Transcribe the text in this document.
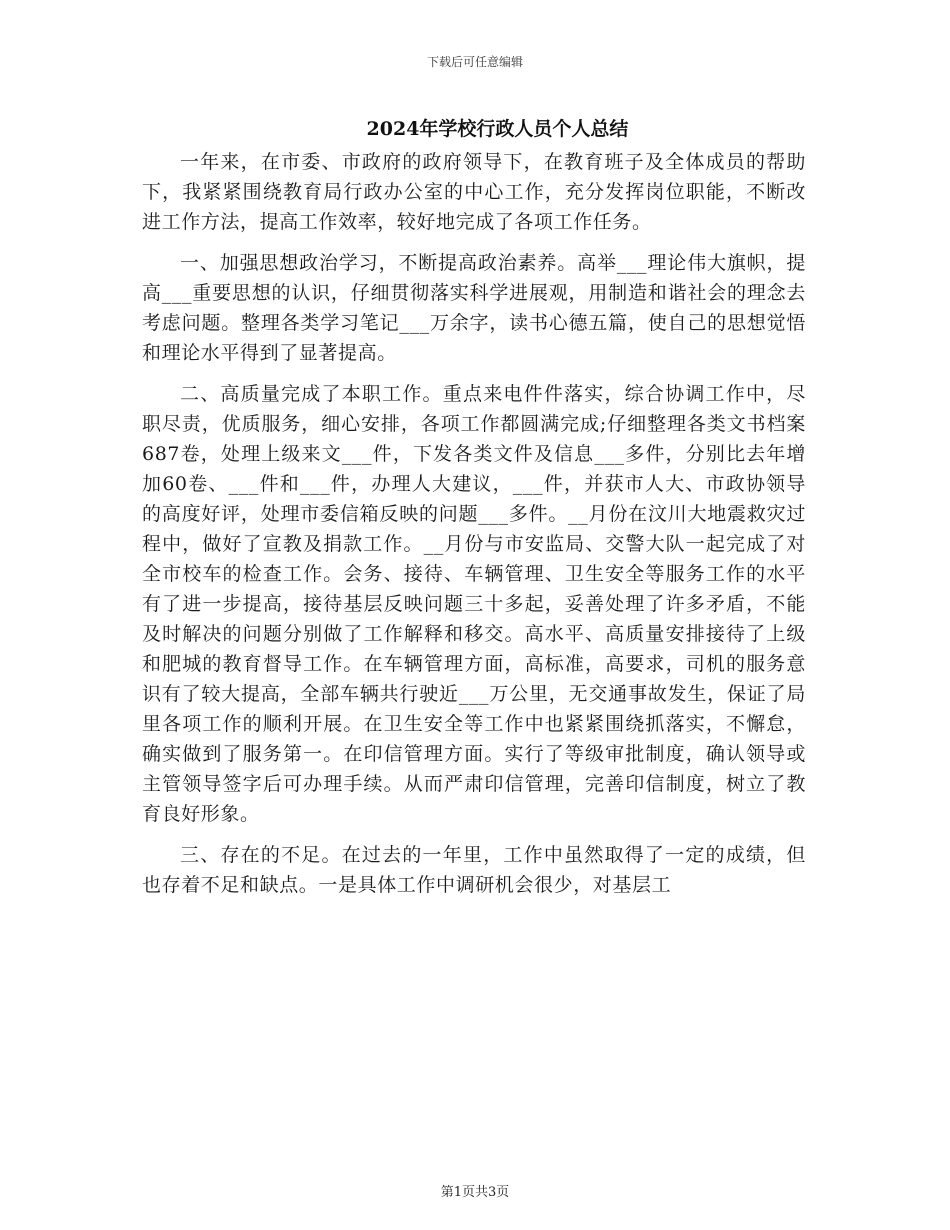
下载后可任意编辑
2024年学校行政人员个人总结

一年来，在市委、市政府的政府领导下，在教育班子及全体成员的帮助下，我紧紧围绕教育局行政办公室的中心工作，充分发挥岗位职能，不断改进工作方法，提高工作效率，较好地完成了各项工作任务。

一、加强思想政治学习，不断提高政治素养。高举___理论伟大旗帜，提高___重要思想的认识，仔细贯彻落实科学进展观，用制造和谐社会的理念去考虑问题。整理各类学习笔记___万余字，读书心德五篇，使自己的思想觉悟和理论水平得到了显著提高。

二、高质量完成了本职工作。重点来电件件落实，综合协调工作中，尽职尽责，优质服务，细心安排，各项工作都圆满完成;仔细整理各类文书档案687卷，处理上级来文___件，下发各类文件及信息___多件，分别比去年增加60卷、___件和___件，办理人大建议，___件，并获市人大、市政协领导的高度好评，处理市委信箱反映的问题___多件。__月份在汶川大地震救灾过程中，做好了宣教及捐款工作。__月份与市安监局、交警大队一起完成了对全市校车的检查工作。会务、接待、车辆管理、卫生安全等服务工作的水平有了进一步提高，接待基层反映问题三十多起，妥善处理了许多矛盾，不能及时解决的问题分别做了工作解释和移交。高水平、高质量安排接待了上级和肥城的教育督导工作。在车辆管理方面，高标准，高要求，司机的服务意识有了较大提高，全部车辆共行驶近___万公里，无交通事故发生，保证了局里各项工作的顺利开展。在卫生安全等工作中也紧紧围绕抓落实，不懈怠，确实做到了服务第一。在印信管理方面。实行了等级审批制度，确认领导或主管领导签字后可办理手续。从而严肃印信管理，完善印信制度，树立了教育良好形象。

三、存在的不足。在过去的一年里，工作中虽然取得了一定的成绩，但也存着不足和缺点。一是具体工作中调研机会很少，对基层工

第1页共3页
